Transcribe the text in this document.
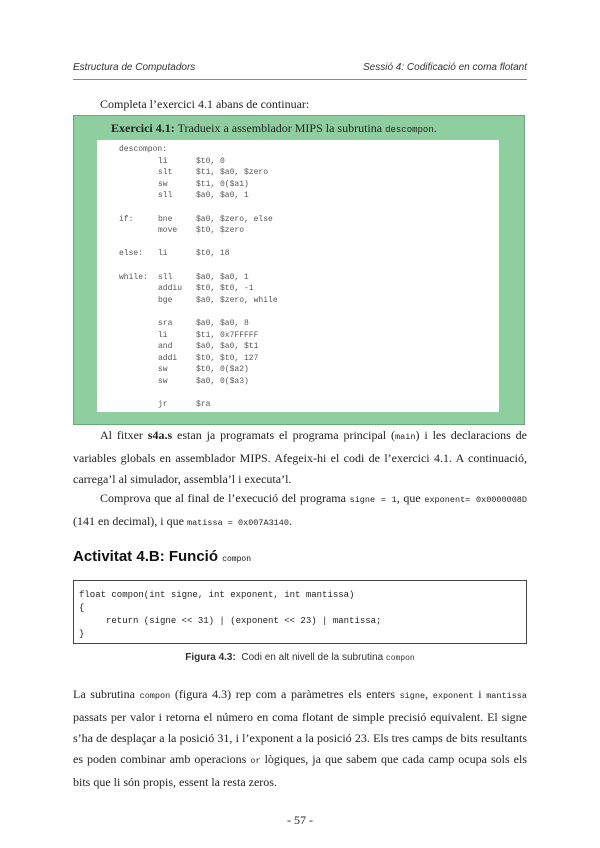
Estructura de Computadors	Sessió 4: Codificació en coma flotant
Completa l’exercici 4.1 abans de continuar:
Exercici 4.1: Tradueix a assemblador MIPS la subrutina descompon.
descompon:
li	$t0, 0
slt	$t1, $a0, $zero
sw	$t1, 0($a1)
sll	$a0, $a0, 1
if:	bne	$a0, $zero, else
move $t0, $zero
else: li	$t0, 18
while: sll	$a0, $a0, 1
addiu $t0, $t0, -1
bge	$a0, $zero, while
sra	$a0, $a0, 8
li	$t1, 0x7FFFFF
and	$a0, $a0, $t1
addi $t0, $t0, 127
sw	$t0, 0($a2)
sw	$a0, 0($a3)
jr	$ra
Al fitxer s4a.s estan ja programats el programa principal (main) i les declaracions de variables globals en assemblador MIPS. Afegeix-hi el codi de l’exercici 4.1. A continuació, carrega’l al simulador, assembla’l i executa’l.
Comprova que al final de l’execució del programa signe = 1, que exponent= 0x0000008D (141 en decimal), i que matissa = 0x007A3140.
Activitat 4.B: Funció compon
float compon(int signe, int exponent, int mantissa)
{
return (signe << 31) | (exponent << 23) | mantissa;
}
Figura 4.3:  Codi en alt nivell de la subrutina compon
La subrutina compon (figura 4.3) rep com a paràmetres els enters signe, exponent i mantissa passats per valor i retorna el número en coma flotant de simple precisió equivalent. El signe s’ha de desplaçar a la posició 31, i l’exponent a la posició 23. Els tres camps de bits resultants es poden combinar amb operacions or lògiques, ja que sabem que cada camp ocupa sols els bits que li són propis, essent la resta zeros.
- 57 -
